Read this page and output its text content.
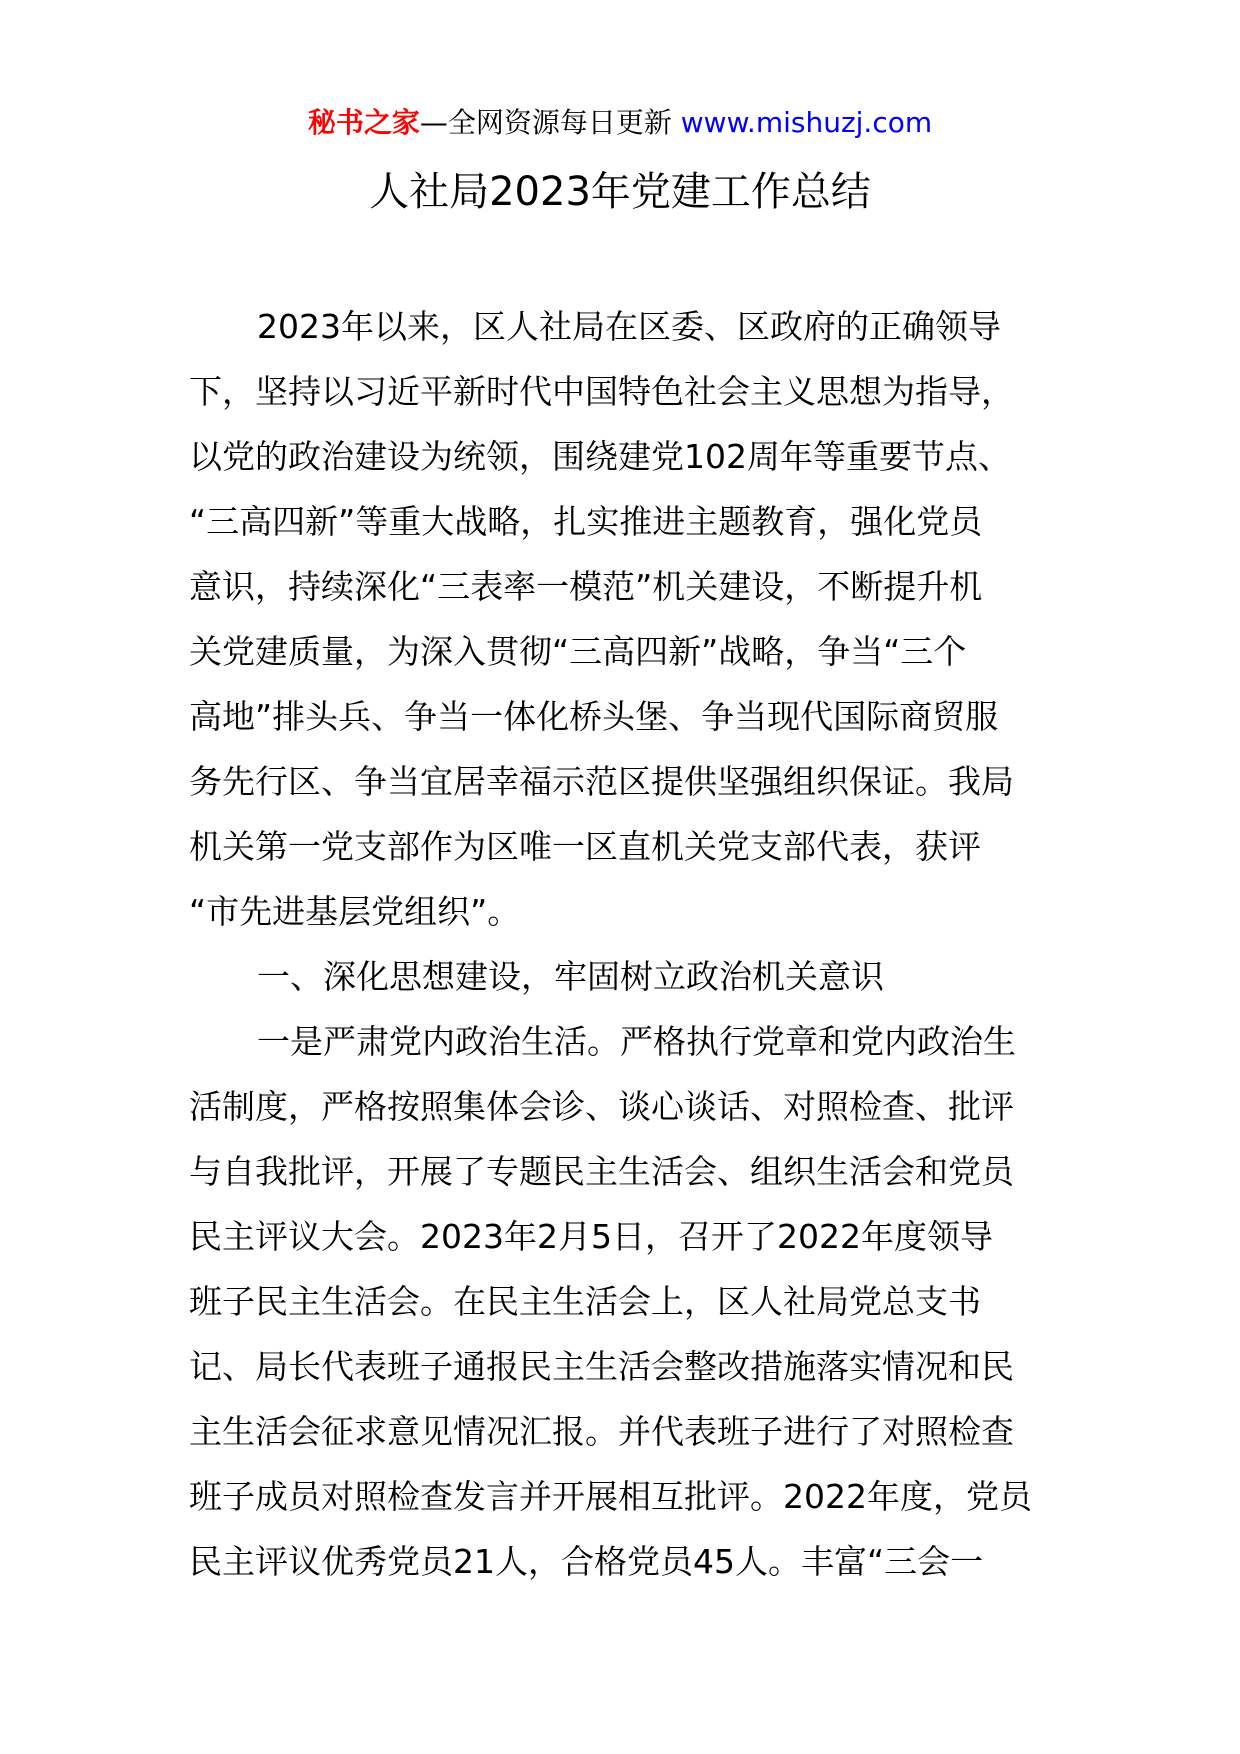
秘书之家—全网资源每日更新 www.mishuzj.com
人社局2023年党建工作总结
2023年以来，区人社局在区委、区政府的正确领导
下，坚持以习近平新时代中国特色社会主义思想为指导，
以党的政治建设为统领，围绕建党102周年等重要节点、
“三高四新”等重大战略，扎实推进主题教育，强化党员
意识，持续深化“三表率一模范”机关建设，不断提升机
关党建质量，为深入贯彻“三高四新”战略，争当“三个
高地”排头兵、争当一体化桥头堡、争当现代国际商贸服
务先行区、争当宜居幸福示范区提供坚强组织保证。我局
机关第一党支部作为区唯一区直机关党支部代表，获评
“市先进基层党组织”。
一、深化思想建设，牢固树立政治机关意识
一是严肃党内政治生活。严格执行党章和党内政治生
活制度，严格按照集体会诊、谈心谈话、对照检查、批评
与自我批评，开展了专题民主生活会、组织生活会和党员
民主评议大会。2023年2月5日，召开了2022年度领导
班子民主生活会。在民主生活会上，区人社局党总支书
记、局长代表班子通报民主生活会整改措施落实情况和民
主生活会征求意见情况汇报。并代表班子进行了对照检查
班子成员对照检查发言并开展相互批评。2022年度，党员
民主评议优秀党员21人，合格党员45人。丰富“三会一
